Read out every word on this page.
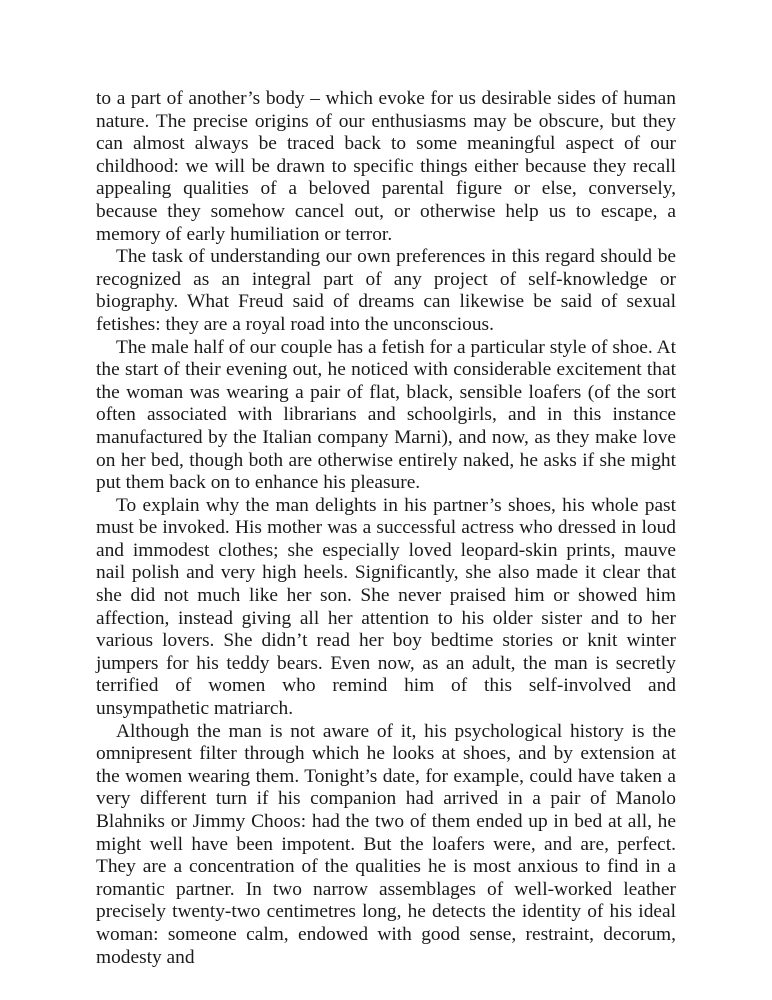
to a part of another’s body – which evoke for us desirable sides of human nature. The precise origins of our enthusiasms may be obscure, but they can almost always be traced back to some meaningful aspect of our childhood: we will be drawn to specific things either because they recall appealing qualities of a beloved parental figure or else, conversely, because they somehow cancel out, or otherwise help us to escape, a memory of early humiliation or terror.

The task of understanding our own preferences in this regard should be recognized as an integral part of any project of self-knowledge or biography. What Freud said of dreams can likewise be said of sexual fetishes: they are a royal road into the unconscious.

The male half of our couple has a fetish for a particular style of shoe. At the start of their evening out, he noticed with considerable excitement that the woman was wearing a pair of flat, black, sensible loafers (of the sort often associated with librarians and schoolgirls, and in this instance manufactured by the Italian company Marni), and now, as they make love on her bed, though both are otherwise entirely naked, he asks if she might put them back on to enhance his pleasure.

To explain why the man delights in his partner’s shoes, his whole past must be invoked. His mother was a successful actress who dressed in loud and immodest clothes; she especially loved leopard-skin prints, mauve nail polish and very high heels. Significantly, she also made it clear that she did not much like her son. She never praised him or showed him affection, instead giving all her attention to his older sister and to her various lovers. She didn’t read her boy bedtime stories or knit winter jumpers for his teddy bears. Even now, as an adult, the man is secretly terrified of women who remind him of this self-involved and unsympathetic matriarch.

Although the man is not aware of it, his psychological history is the omnipresent filter through which he looks at shoes, and by extension at the women wearing them. Tonight’s date, for example, could have taken a very different turn if his companion had arrived in a pair of Manolo Blahniks or Jimmy Choos: had the two of them ended up in bed at all, he might well have been impotent. But the loafers were, and are, perfect. They are a concentration of the qualities he is most anxious to find in a romantic partner. In two narrow assemblages of well-worked leather precisely twenty-two centimetres long, he detects the identity of his ideal woman: someone calm, endowed with good sense, restraint, decorum, modesty and
